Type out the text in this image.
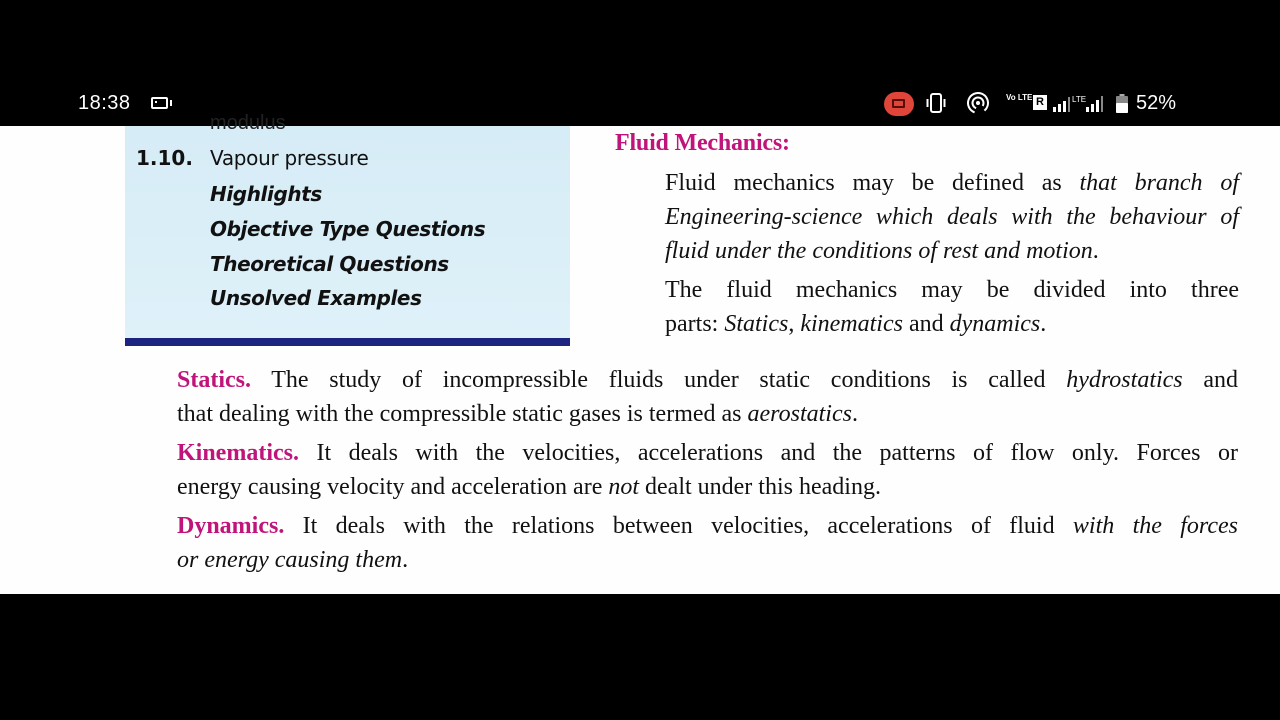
18:38	Vo LTE R	LTE 52%
modulus
1.10. Vapour pressure
Highlights
Objective Type Questions
Theoretical Questions
Unsolved Examples
Fluid Mechanics:
Fluid mechanics may be defined as that branch of
Engineering-science which deals with the behaviour of
fluid under the conditions of rest and motion.
The fluid mechanics may be divided into three
parts: Statics, kinematics and dynamics.
Statics. The study of incompressible fluids under static conditions is called hydrostatics and
that dealing with the compressible static gases is termed as aerostatics.
Kinematics. It deals with the velocities, accelerations and the patterns of flow only. Forces or
energy causing velocity and acceleration are not dealt under this heading.
Dynamics. It deals with the relations between velocities, accelerations of fluid with the forces
or energy causing them.
